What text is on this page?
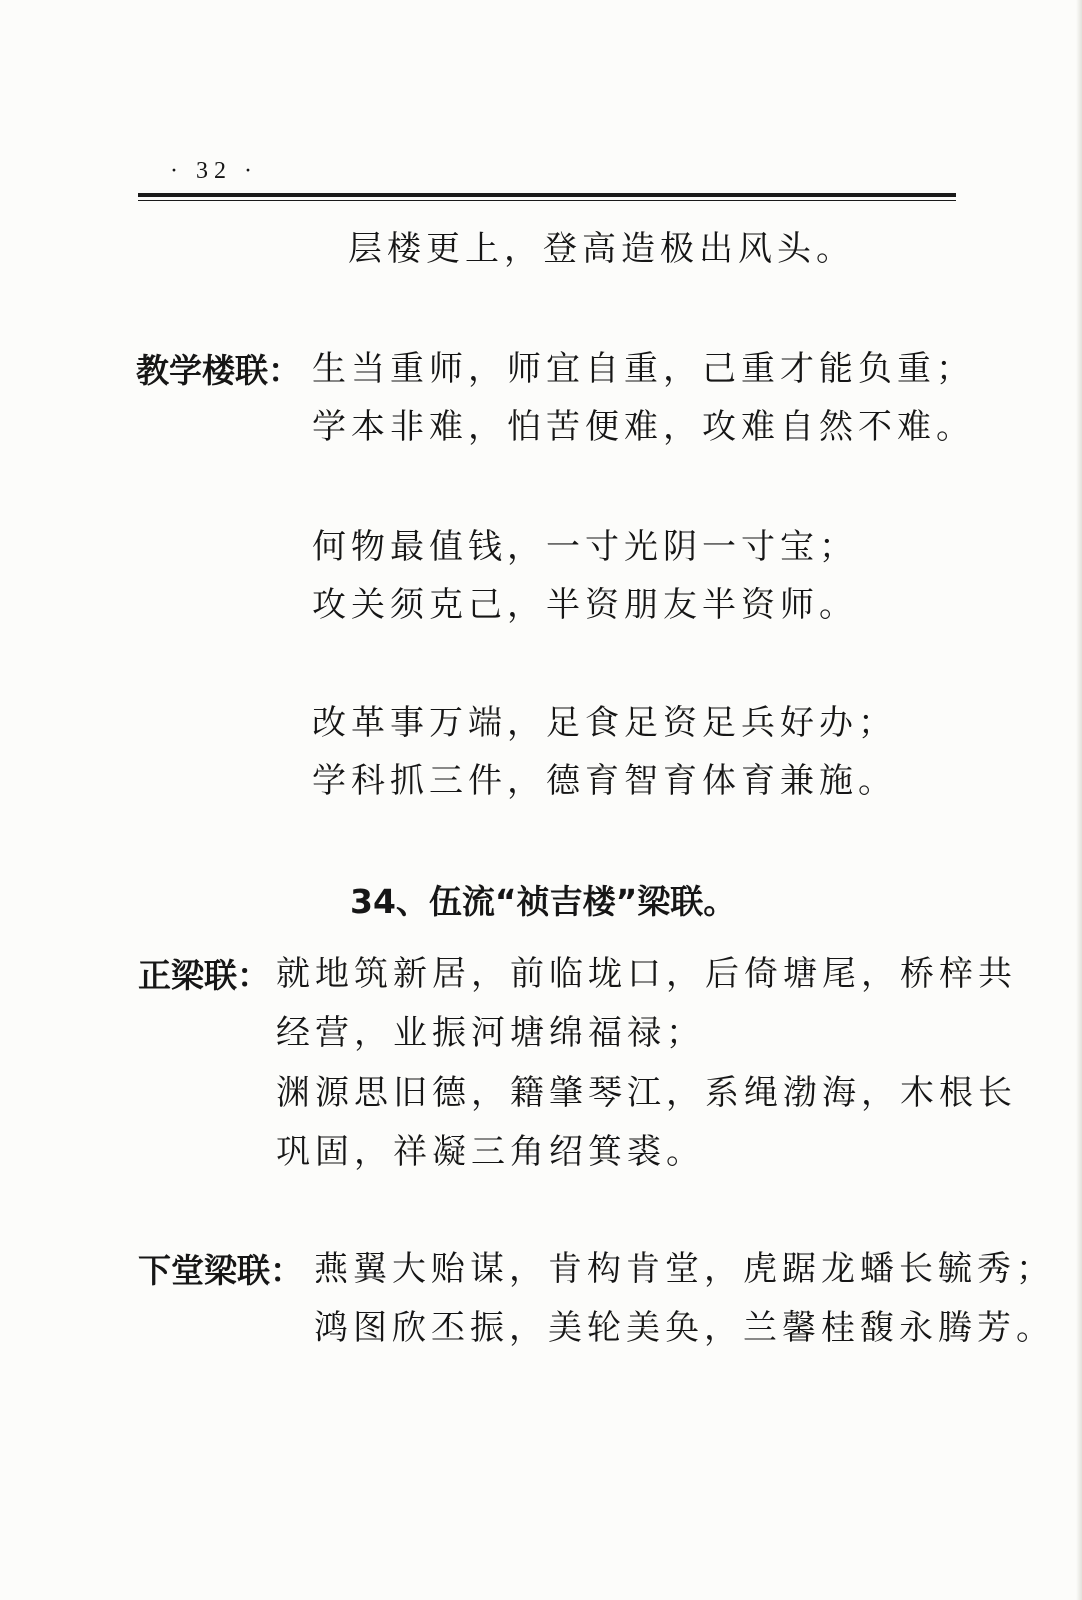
· 32 ·
层楼更上，登高造极出风头。
教学楼联： 生当重师，师宜自重，己重才能负重；
学本非难，怕苦便难，攻难自然不难。
何物最值钱，一寸光阴一寸宝；
攻关须克己，半资朋友半资师。
改革事万端，足食足资足兵好办；
学科抓三件，德育智育体育兼施。
34、伍流“祯吉楼”梁联。
正梁联： 就地筑新居，前临垅口，后倚塘尾，桥梓共
经营，业振河塘绵福禄；
渊源思旧德，籍肇琴江，系绳渤海，木根长
巩固，祥凝三角绍箕裘。
下堂梁联： 燕翼大贻谋，肯构肯堂，虎踞龙蟠长毓秀；
鸿图欣丕振，美轮美奂，兰馨桂馥永腾芳。
